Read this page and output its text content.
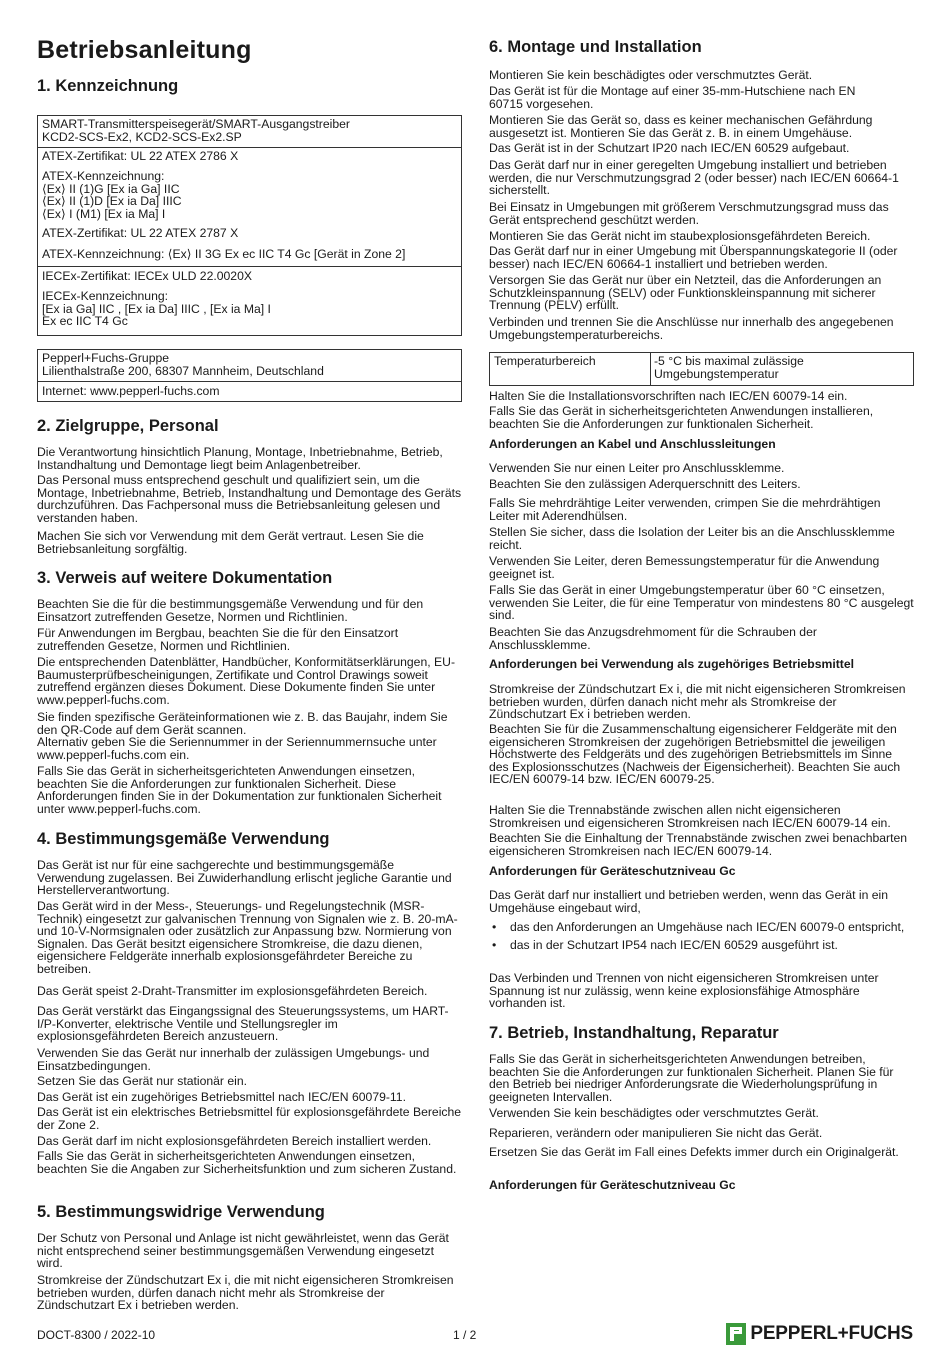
Betriebsanleitung
1. Kennzeichnung
SMART-Transmitterspeisegerät/SMART-Ausgangstreiber
KCD2-SCS-Ex2, KCD2-SCS-Ex2.SP
ATEX-Zertifikat: UL 22 ATEX 2786 X
ATEX-Kennzeichnung:
⟨Ex⟩ II (1)G [Ex ia Ga] IIC
⟨Ex⟩ II (1)D [Ex ia Da] IIIC
⟨Ex⟩ I (M1) [Ex ia Ma] I
ATEX-Zertifikat: UL 22 ATEX 2787 X
ATEX-Kennzeichnung: ⟨Ex⟩ II 3G Ex ec IIC T4 Gc [Gerät in Zone 2]
IECEx-Zertifikat: IECEx ULD 22.0020X
IECEx-Kennzeichnung:
[Ex ia Ga] IIC , [Ex ia Da] IIIC , [Ex ia Ma] I
Ex ec IIC T4 Gc
Pepperl+Fuchs-Gruppe
Lilienthalstraße 200, 68307 Mannheim, Deutschland
Internet: www.pepperl-fuchs.com
2. Zielgruppe, Personal

Die Verantwortung hinsichtlich Planung, Montage, Inbetriebnahme, Betrieb, Instandhaltung und Demontage liegt beim Anlagenbetreiber.

Das Personal muss entsprechend geschult und qualifiziert sein, um die Montage, Inbetriebnahme, Betrieb, Instandhaltung und Demontage des Geräts durchzuführen. Das Fachpersonal muss die Betriebsanleitung gelesen und verstanden haben.

Machen Sie sich vor Verwendung mit dem Gerät vertraut. Lesen Sie die Betriebsanleitung sorgfältig.

3. Verweis auf weitere Dokumentation

Beachten Sie die für die bestimmungsgemäße Verwendung und für den Einsatzort zutreffenden Gesetze, Normen und Richtlinien.

Für Anwendungen im Bergbau, beachten Sie die für den Einsatzort zutreffenden Gesetze, Normen und Richtlinien.

Die entsprechenden Datenblätter, Handbücher, Konformitätserklärungen, EU-Baumusterprüfbescheinigungen, Zertifikate und Control Drawings soweit zutreffend ergänzen dieses Dokument. Diese Dokumente finden Sie unter www.pepperl-fuchs.com.

Sie finden spezifische Geräteinformationen wie z. B. das Baujahr, indem Sie den QR-Code auf dem Gerät scannen.
Alternativ geben Sie die Seriennummer in der Seriennummernsuche unter www.pepperl-fuchs.com ein.

Falls Sie das Gerät in sicherheitsgerichteten Anwendungen einsetzen, beachten Sie die Anforderungen zur funktionalen Sicherheit. Diese Anforderungen finden Sie in der Dokumentation zur funktionalen Sicherheit unter www.pepperl-fuchs.com.

4. Bestimmungsgemäße Verwendung

Das Gerät ist nur für eine sachgerechte und bestimmungsgemäße Verwendung zugelassen. Bei Zuwiderhandlung erlischt jegliche Garantie und Herstellerverantwortung.

Das Gerät wird in der Mess-, Steuerungs- und Regelungstechnik (MSR-Technik) eingesetzt zur galvanischen Trennung von Signalen wie z. B. 20-mA- und 10-V-Normsignalen oder zusätzlich zur Anpassung bzw. Normierung von Signalen. Das Gerät besitzt eigensichere Stromkreise, die dazu dienen, eigensichere Feldgeräte innerhalb explosionsgefährdeter Bereiche zu betreiben.

Das Gerät speist 2-Draht-Transmitter im explosionsgefährdeten Bereich.

Das Gerät verstärkt das Eingangssignal des Steuerungssystems, um HART-I/P-Konverter, elektrische Ventile und Stellungsregler im explosionsgefährdeten Bereich anzusteuern.

Verwenden Sie das Gerät nur innerhalb der zulässigen Umgebungs- und Einsatzbedingungen.

Setzen Sie das Gerät nur stationär ein.

Das Gerät ist ein zugehöriges Betriebsmittel nach IEC/EN 60079-11.

Das Gerät ist ein elektrisches Betriebsmittel für explosionsgefährdete Bereiche der Zone 2.

Das Gerät darf im nicht explosionsgefährdeten Bereich installiert werden.

Falls Sie das Gerät in sicherheitsgerichteten Anwendungen einsetzen, beachten Sie die Angaben zur Sicherheitsfunktion und zum sicheren Zustand.

5. Bestimmungswidrige Verwendung

Der Schutz von Personal und Anlage ist nicht gewährleistet, wenn das Gerät nicht entsprechend seiner bestimmungsgemäßen Verwendung eingesetzt wird.

Stromkreise der Zündschutzart Ex i, die mit nicht eigensicheren Stromkreisen betrieben wurden, dürfen danach nicht mehr als Stromkreise der Zündschutzart Ex i betrieben werden.

6. Montage und Installation

Montieren Sie kein beschädigtes oder verschmutztes Gerät.

Das Gerät ist für die Montage auf einer 35-mm-Hutschiene nach EN 60715 vorgesehen.

Montieren Sie das Gerät so, dass es keiner mechanischen Gefährdung ausgesetzt ist. Montieren Sie das Gerät z. B. in einem Umgehäuse.

Das Gerät ist in der Schutzart IP20 nach IEC/EN 60529 aufgebaut.

Das Gerät darf nur in einer geregelten Umgebung installiert und betrieben werden, die nur Verschmutzungsgrad 2 (oder besser) nach IEC/EN 60664-1 sicherstellt.

Bei Einsatz in Umgebungen mit größerem Verschmutzungsgrad muss das Gerät entsprechend geschützt werden.

Montieren Sie das Gerät nicht im staubexplosionsgefährdeten Bereich.

Das Gerät darf nur in einer Umgebung mit Überspannungskategorie II (oder besser) nach IEC/EN 60664-1 installiert und betrieben werden.

Versorgen Sie das Gerät nur über ein Netzteil, das die Anforderungen an Schutzkleinspannung (SELV) oder Funktionskleinspannung mit sicherer Trennung (PELV) erfüllt.

Verbinden und trennen Sie die Anschlüsse nur innerhalb des angegebenen Umgebungstemperaturbereichs.

Temperaturbereich	-5 °C bis maximal zulässige
Umgebungstemperatur

Halten Sie die Installationsvorschriften nach IEC/EN 60079-14 ein.

Falls Sie das Gerät in sicherheitsgerichteten Anwendungen installieren, beachten Sie die Anforderungen zur funktionalen Sicherheit.

Anforderungen an Kabel und Anschlussleitungen

Verwenden Sie nur einen Leiter pro Anschlussklemme.

Beachten Sie den zulässigen Aderquerschnitt des Leiters.

Falls Sie mehrdrähtige Leiter verwenden, crimpen Sie die mehrdrähtigen Leiter mit Aderendhülsen.

Stellen Sie sicher, dass die Isolation der Leiter bis an die Anschlussklemme reicht.

Verwenden Sie Leiter, deren Bemessungstemperatur für die Anwendung geeignet ist.

Falls Sie das Gerät in einer Umgebungstemperatur über 60 °C einsetzen, verwenden Sie Leiter, die für eine Temperatur von mindestens 80 °C ausgelegt sind.

Beachten Sie das Anzugsdrehmoment für die Schrauben der Anschlussklemme.

Anforderungen bei Verwendung als zugehöriges Betriebsmittel

Stromkreise der Zündschutzart Ex i, die mit nicht eigensicheren Stromkreisen betrieben wurden, dürfen danach nicht mehr als Stromkreise der Zündschutzart Ex i betrieben werden.

Beachten Sie für die Zusammenschaltung eigensicherer Feldgeräte mit den eigensicheren Stromkreisen der zugehörigen Betriebsmittel die jeweiligen Höchstwerte des Feldgeräts und des zugehörigen Betriebsmittels im Sinne des Explosionsschutzes (Nachweis der Eigensicherheit). Beachten Sie auch IEC/EN 60079-14 bzw. IEC/EN 60079-25.

Halten Sie die Trennabstände zwischen allen nicht eigensicheren Stromkreisen und eigensicheren Stromkreisen nach IEC/EN 60079-14 ein.

Beachten Sie die Einhaltung der Trennabstände zwischen zwei benachbarten eigensicheren Stromkreisen nach IEC/EN 60079-14.

Anforderungen für Geräteschutzniveau Gc

Das Gerät darf nur installiert und betrieben werden, wenn das Gerät in ein Umgehäuse eingebaut wird,

• das den Anforderungen an Umgehäuse nach IEC/EN 60079-0 entspricht,
• das in der Schutzart IP54 nach IEC/EN 60529 ausgeführt ist.

Das Verbinden und Trennen von nicht eigensicheren Stromkreisen unter Spannung ist nur zulässig, wenn keine explosionsfähige Atmosphäre vorhanden ist.

7. Betrieb, Instandhaltung, Reparatur

Falls Sie das Gerät in sicherheitsgerichteten Anwendungen betreiben, beachten Sie die Anforderungen zur funktionalen Sicherheit. Planen Sie für den Betrieb bei niedriger Anforderungsrate die Wiederholungsprüfung in geeigneten Intervallen.

Verwenden Sie kein beschädigtes oder verschmutztes Gerät.

Reparieren, verändern oder manipulieren Sie nicht das Gerät.

Ersetzen Sie das Gerät im Fall eines Defekts immer durch ein Originalgerät.

Anforderungen für Geräteschutzniveau Gc

DOCT-8300 / 2022-10	1 / 2	PEPPERL+FUCHS
